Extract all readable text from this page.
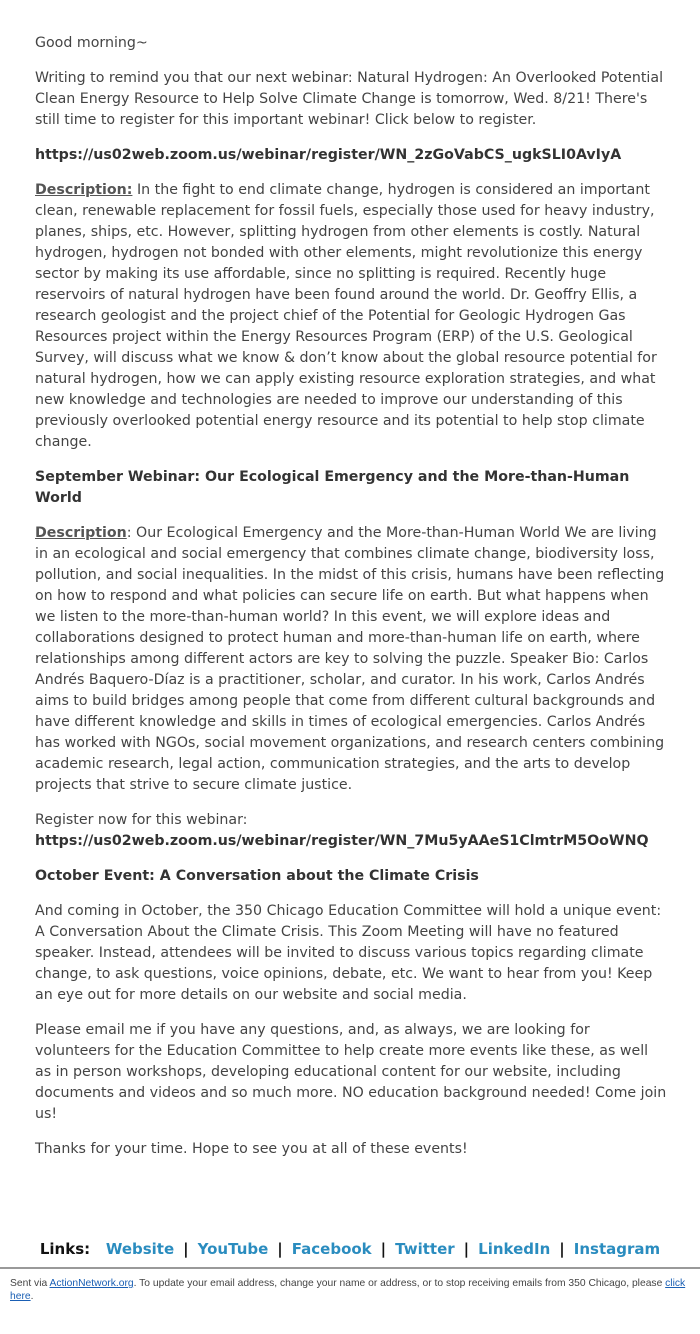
Good morning~

Writing to remind you that our next webinar: Natural Hydrogen: An Overlooked Potential Clean Energy Resource to Help Solve Climate Change is tomorrow, Wed. 8/21! There's still time to register for this important webinar! Click below to register.

https://us02web.zoom.us/webinar/register/WN_2zGoVabCS_ugkSLI0AvIyA

Description: In the fight to end climate change, hydrogen is considered an important clean, renewable replacement for fossil fuels, especially those used for heavy industry, planes, ships, etc. However, splitting hydrogen from other elements is costly. Natural hydrogen, hydrogen not bonded with other elements, might revolutionize this energy sector by making its use affordable, since no splitting is required. Recently huge reservoirs of natural hydrogen have been found around the world. Dr. Geoffry Ellis, a research geologist and the project chief of the Potential for Geologic Hydrogen Gas Resources project within the Energy Resources Program (ERP) of the U.S. Geological Survey, will discuss what we know & don’t know about the global resource potential for natural hydrogen, how we can apply existing resource exploration strategies, and what new knowledge and technologies are needed to improve our understanding of this previously overlooked potential energy resource and its potential to help stop climate change.

September Webinar: Our Ecological Emergency and the More-than-Human World

Description: Our Ecological Emergency and the More-than-Human World We are living in an ecological and social emergency that combines climate change, biodiversity loss, pollution, and social inequalities. In the midst of this crisis, humans have been reflecting on how to respond and what policies can secure life on earth. But what happens when we listen to the more-than-human world? In this event, we will explore ideas and collaborations designed to protect human and more-than-human life on earth, where relationships among different actors are key to solving the puzzle. Speaker Bio: Carlos Andrés Baquero-Díaz is a practitioner, scholar, and curator. In his work, Carlos Andrés aims to build bridges among people that come from different cultural backgrounds and have different knowledge and skills in times of ecological emergencies. Carlos Andrés has worked with NGOs, social movement organizations, and research centers combining academic research, legal action, communication strategies, and the arts to develop projects that strive to secure climate justice.

Register now for this webinar:
https://us02web.zoom.us/webinar/register/WN_7Mu5yAAeS1ClmtrM5OoWNQ

October Event: A Conversation about the Climate Crisis

And coming in October, the 350 Chicago Education Committee will hold a unique event: A Conversation About the Climate Crisis. This Zoom Meeting will have no featured speaker. Instead, attendees will be invited to discuss various topics regarding climate change, to ask questions, voice opinions, debate, etc. We want to hear from you! Keep an eye out for more details on our website and social media.

Please email me if you have any questions, and, as always, we are looking for volunteers for the Education Committee to help create more events like these, as well as in person workshops, developing educational content for our website, including documents and videos and so much more. NO education background needed! Come join us!

Thanks for your time. Hope to see you at all of these events!

Links: Website | YouTube | Facebook | Twitter | LinkedIn | Instagram
Sent via ActionNetwork.org. To update your email address, change your name or address, or to stop receiving emails from 350 Chicago, please click here.
